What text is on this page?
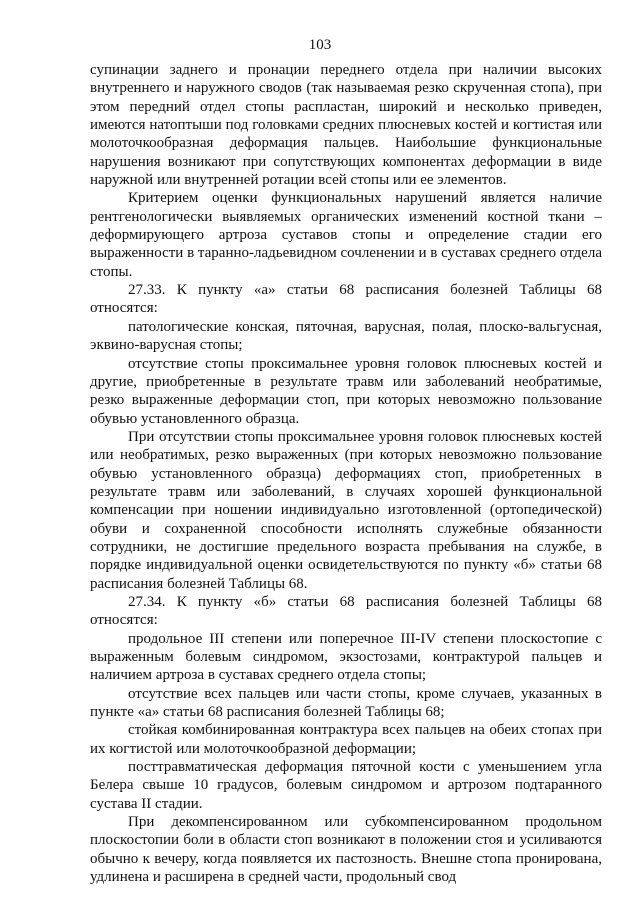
103

супинации заднего и пронации переднего отдела при наличии высоких внутреннего и наружного сводов (так называемая резко скрученная стопа), при этом передний отдел стопы распластан, широкий и несколько приведен, имеются натоптыши под головками средних плюсневых костей и когтистая или молоточкообразная деформация пальцев. Наибольшие функциональные нарушения возникают при сопутствующих компонентах деформации в виде наружной или внутренней ротации всей стопы или ее элементов.

Критерием оценки функциональных нарушений является наличие рентгенологически выявляемых органических изменений костной ткани – деформирующего артроза суставов стопы и определение стадии его выраженности в таранно-ладьевидном сочленении и в суставах среднего отдела стопы.

27.33. К пункту «а» статьи 68 расписания болезней Таблицы 68 относятся:

патологические конская, пяточная, варусная, полая, плоско-вальгусная, эквино-варусная стопы;

отсутствие стопы проксимальнее уровня головок плюсневых костей и другие, приобретенные в результате травм или заболеваний необратимые, резко выраженные деформации стоп, при которых невозможно пользование обувью установленного образца.

При отсутствии стопы проксимальнее уровня головок плюсневых костей или необратимых, резко выраженных (при которых невозможно пользование обувью установленного образца) деформациях стоп, приобретенных в результате травм или заболеваний, в случаях хорошей функциональной компенсации при ношении индивидуально изготовленной (ортопедической) обуви и сохраненной способности исполнять служебные обязанности сотрудники, не достигшие предельного возраста пребывания на службе, в порядке индивидуальной оценки освидетельствуются по пункту «б» статьи 68 расписания болезней Таблицы 68.

27.34. К пункту «б» статьи 68 расписания болезней Таблицы 68 относятся:

продольное III степени или поперечное III-IV степени плоскостопие с выраженным болевым синдромом, экзостозами, контрактурой пальцев и наличием артроза в суставах среднего отдела стопы;

отсутствие всех пальцев или части стопы, кроме случаев, указанных в пункте «а» статьи 68 расписания болезней Таблицы 68;

стойкая комбинированная контрактура всех пальцев на обеих стопах при их когтистой или молоточкообразной деформации;

посттравматическая деформация пяточной кости с уменьшением угла Белера свыше 10 градусов, болевым синдромом и артрозом подтаранного сустава II стадии.

При декомпенсированном или субкомпенсированном продольном плоскостопии боли в области стоп возникают в положении стоя и усиливаются обычно к вечеру, когда появляется их пастозность. Внешне стопа пронирована, удлинена и расширена в средней части, продольный свод
